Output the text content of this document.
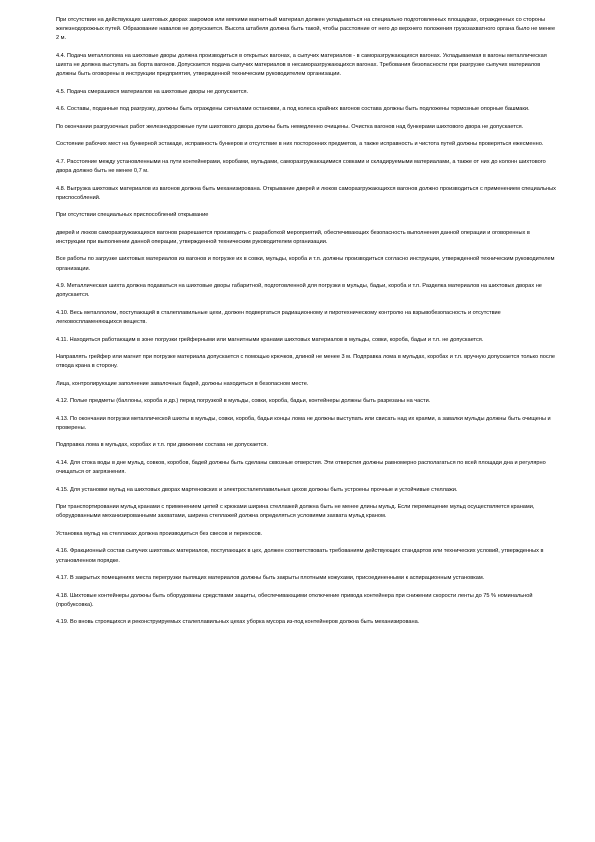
При отсутствии на действующих шихтовых дворах закромов или мягкими магнитный материал должен укладываться на специально подготовленных площадках, огражденных со стороны железнодорожных путей. Образование навалов не допускается. Высота штабеля должна быть такой, чтобы расстояние от него до верхнего положения грузозахватного органа было не менее 2 м.

4.4. Подача металлолома на шихтовые дворы должна производиться в открытых вагонах, а сыпучих материалов - в саморазгружающихся вагонах. Укладываемая в вагоны металлическая шихта не должна выступать за борта вагонов. Допускается подача сыпучих материалов в несаморазгружающихся вагонах. Требования безопасности при разгрузке сыпучих материалов должны быть оговорены в инструкции предприятия, утвержденной техническим руководителем организации.

4.5. Подача смерзшихся материалов на шихтовые дворы не допускается.

4.6. Составы, поданные под разгрузку, должны быть ограждены сигналами остановки, а под колеса крайних вагонов состава должны быть подложены тормозные опорные башмаки.

По окончании разгрузочных работ железнодорожные пути шихтового двора должны быть немедленно очищены. Очистка вагонов над бункерами шихтового двора не допускается.

Состояние рабочих мест на бункерной эстакаде, исправность бункеров и отсутствие в них посторонних предметов, а также исправность и чистота путей должны проверяться ежесменно.

4.7. Расстояние между установленными на пути контейнерами, коробами, мульдами, саморазгружающимися совками и складируемыми материалами, а также от них до колонн шихтового двора должно быть не менее 0,7 м.

4.8. Выгрузка шихтовых материалов из вагонов должна быть механизирована. Открывание дверей и люков саморазгружающихся вагонов должно производиться с применением специальных приспособлений.

При отсутствии специальных приспособлений открывание

дверей и люков саморазгружающихся вагонов разрешается производить с разработкой мероприятий, обеспечивающих безопасность выполнения данной операции и оговоренных в инструкции при выполнении данной операции, утвержденной техническим руководителем организации.

Все работы по загрузке шихтовых материалов из вагонов и погрузке их в совки, мульды, короба и т.п. должны производиться согласно инструкции, утвержденной техническим руководителем организации.

4.9. Металлическая шихта должна подаваться на шихтовые дворы габаритной, подготовленной для погрузки в мульды, бадьи, короба и т.п. Разделка материалов на шихтовых дворах не допускается.

4.10. Весь металлолом, поступающий в сталеплавильные цехи, должен подвергаться радиационному и пиротехническому контролю на взрывобезопасность и отсутствие легковоспламеняющихся веществ.

4.11. Находиться работающим в зоне погрузки грейферными или магнитными кранами шихтовых материалов в мульды, совки, короба, бадьи и т.п. не допускается.

Направлять грейфер или магнит при погрузке материала допускается с помощью крючков, длиной не менее 3 м. Подправка лома в мульдах, коробах и т.п. вручную допускается только после отвода крана в сторону.

Лица, контролирующие заполнение завалочных бадей, должны находиться в безопасном месте.

4.12. Полые предметы (баллоны, короба и др.) перед погрузкой в мульды, совки, короба, бадьи, контейнеры должны быть разрезаны на части.

4.13. По окончании погрузки металлической шихты в мульды, совки, короба, бадьи концы лома не должны выступать или свисать над их краями, а завалки мульды должны быть очищены и проверены.

Подправка лома в мульдах, коробах и т.п. при движении состава не допускается.

4.14. Для стока воды в дне мульд, совков, коробов, бадей должны быть сделаны сквозные отверстия. Эти отверстия должны равномерно располагаться по всей площади дна и регулярно очищаться от загрязнения.

4.15. Для установки мульд на шихтовых дворах мартеновских и электросталеплавильных цехов должны быть устроены прочные и устойчивые стеллажи.

При транспортировании мульд кранами с применением цепей с крюками ширина стеллажей должна быть не менее длины мульд. Если перемещение мульд осуществляется кранами, оборудованными механизированными захватами, ширина стеллажей должна определяться условиями захвата мульд краном.

Установка мульд на стеллажах должна производиться без свесов и перекосов.

4.16. Фракционный состав сыпучих шихтовых материалов, поступающих в цех, должен соответствовать требованиям действующих стандартов или технических условий, утвержденных в установленном порядке.

4.17. В закрытых помещениях места перегрузки пылящих материалов должны быть закрыты плотными кожухами, присоединенными к аспирационным установкам.

4.18. Шихтовые контейнеры должны быть оборудованы средствами защиты, обеспечивающими отключение привода контейнера при снижении скорости ленты до 75 % номинальной (пробуксовка).

4.19. Во вновь строящихся и реконструируемых сталеплавильных цехах уборка мусора из-под контейнеров должна быть механизирована.
